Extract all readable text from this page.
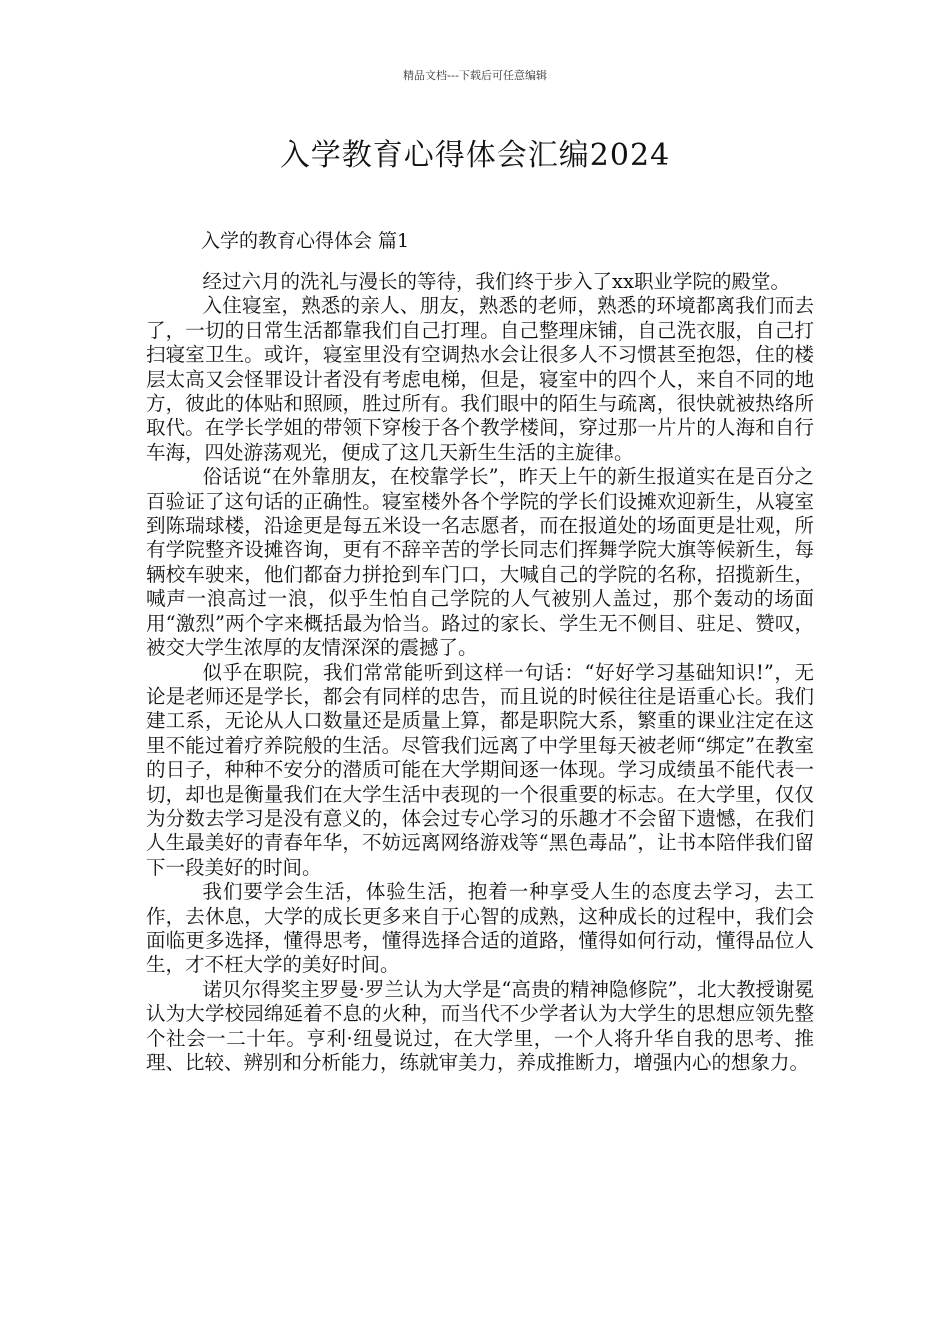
精品文档---下载后可任意编辑
入学教育心得体会汇编2024
入学的教育心得体会 篇1

经过六月的洗礼与漫长的等待，我们终于步入了xx职业学院的殿堂。

入住寝室，熟悉的亲人、朋友，熟悉的老师，熟悉的环境都离我们而去了，一切的日常生活都靠我们自己打理。自己整理床铺，自己洗衣服，自己打扫寝室卫生。或许，寝室里没有空调热水会让很多人不习惯甚至抱怨，住的楼层太高又会怪罪设计者没有考虑电梯，但是，寝室中的四个人，来自不同的地方，彼此的体贴和照顾，胜过所有。我们眼中的陌生与疏离，很快就被热络所取代。在学长学姐的带领下穿梭于各个教学楼间，穿过那一片片的人海和自行车海，四处游荡观光，便成了这几天新生生活的主旋律。

俗话说“在外靠朋友，在校靠学长”，昨天上午的新生报道实在是百分之百验证了这句话的正确性。寝室楼外各个学院的学长们设摊欢迎新生，从寝室到陈瑞球楼，沿途更是每五米设一名志愿者，而在报道处的场面更是壮观，所有学院整齐设摊咨询，更有不辞辛苦的学长同志们挥舞学院大旗等候新生，每辆校车驶来，他们都奋力拼抢到车门口，大喊自己的学院的名称，招揽新生，喊声一浪高过一浪，似乎生怕自己学院的人气被别人盖过，那个轰动的场面用“激烈”两个字来概括最为恰当。路过的家长、学生无不侧目、驻足、赞叹，被交大学生浓厚的友情深深的震撼了。

似乎在职院，我们常常能听到这样一句话：“好好学习基础知识!”，无论是老师还是学长，都会有同样的忠告，而且说的时候往往是语重心长。我们建工系，无论从人口数量还是质量上算，都是职院大系，繁重的课业注定在这里不能过着疗养院般的生活。尽管我们远离了中学里每天被老师“绑定”在教室的日子，种种不安分的潜质可能在大学期间逐一体现。学习成绩虽不能代表一切，却也是衡量我们在大学生活中表现的一个很重要的标志。在大学里，仅仅为分数去学习是没有意义的，体会过专心学习的乐趣才不会留下遗憾，在我们人生最美好的青春年华，不妨远离网络游戏等“黑色毒品”，让书本陪伴我们留下一段美好的时间。

我们要学会生活，体验生活，抱着一种享受人生的态度去学习，去工作，去休息，大学的成长更多来自于心智的成熟，这种成长的过程中，我们会面临更多选择，懂得思考，懂得选择合适的道路，懂得如何行动，懂得品位人生，才不枉大学的美好时间。

诺贝尔得奖主罗曼·罗兰认为大学是“高贵的精神隐修院”，北大教授谢冕认为大学校园绵延着不息的火种，而当代不少学者认为大学生的思想应领先整个社会一二十年。亨利·纽曼说过，在大学里，一个人将升华自我的思考、推理、比较、辨别和分析能力，练就审美力，养成推断力，增强内心的想象力。
